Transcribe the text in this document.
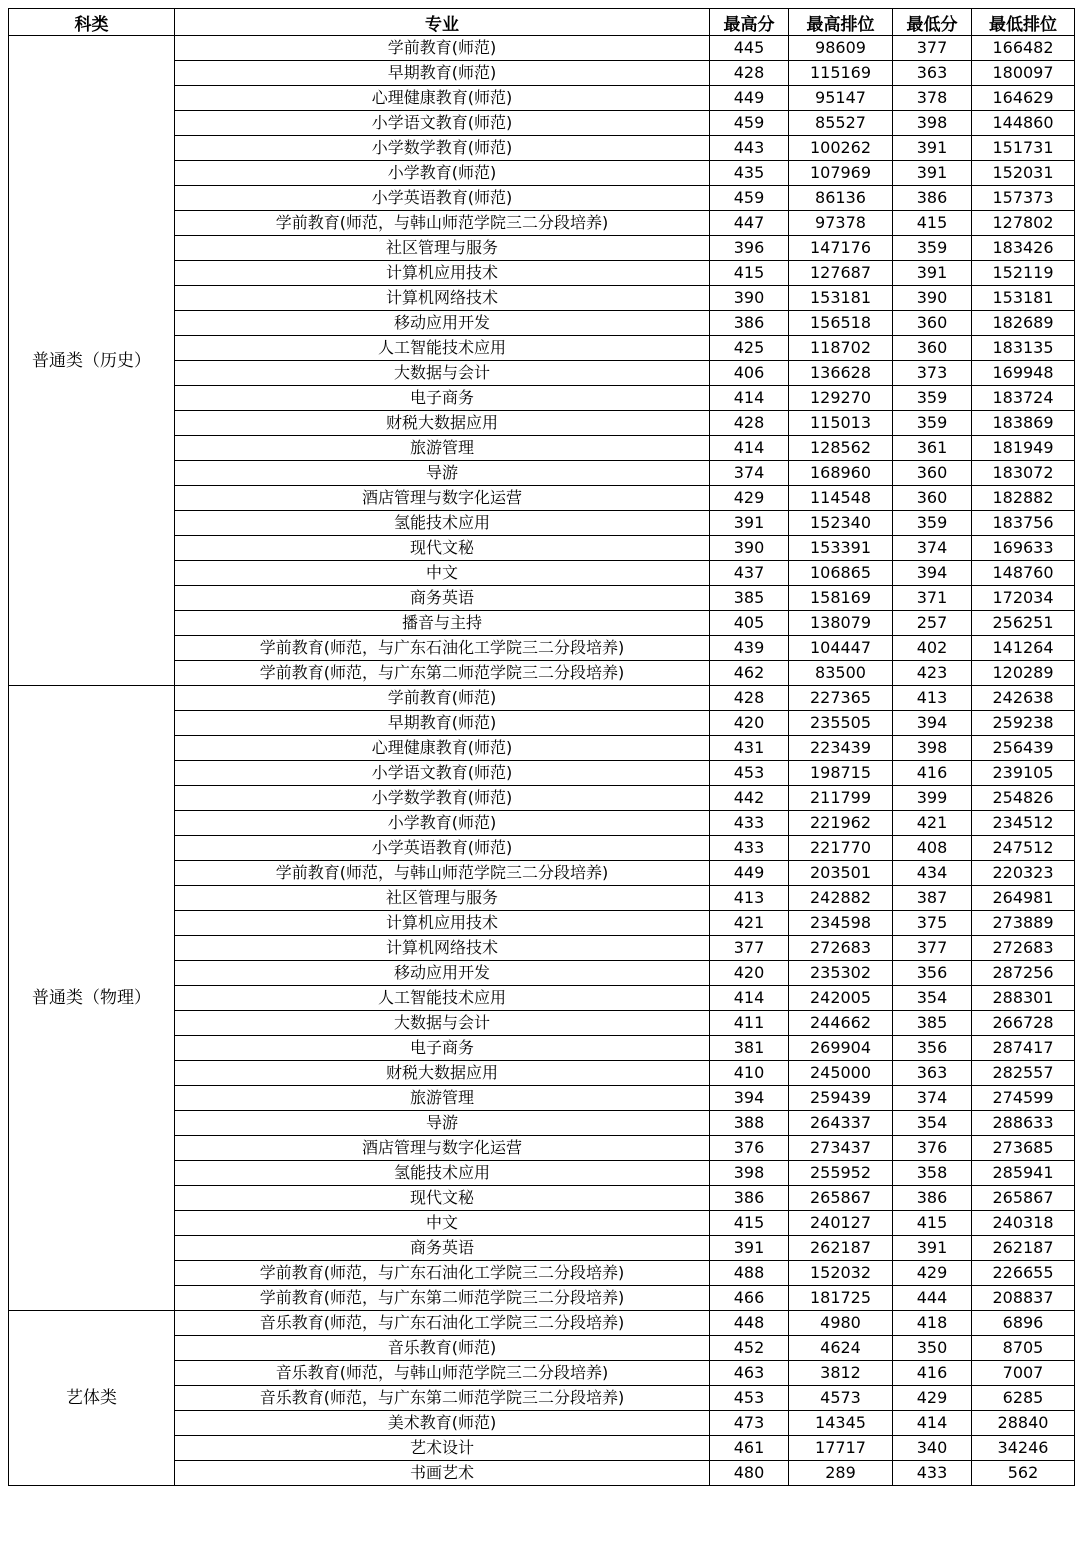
科类	专业	最高分	最高排位	最低分	最低排位
普通类（历史）	学前教育(师范)	445	98609	377	166482
	早期教育(师范)	428	115169	363	180097
	心理健康教育(师范)	449	95147	378	164629
	小学语文教育(师范)	459	85527	398	144860
	小学数学教育(师范)	443	100262	391	151731
	小学教育(师范)	435	107969	391	152031
	小学英语教育(师范)	459	86136	386	157373
	学前教育(师范，与韩山师范学院三二分段培养)	447	97378	415	127802
	社区管理与服务	396	147176	359	183426
	计算机应用技术	415	127687	391	152119
	计算机网络技术	390	153181	390	153181
	移动应用开发	386	156518	360	182689
	人工智能技术应用	425	118702	360	183135
	大数据与会计	406	136628	373	169948
	电子商务	414	129270	359	183724
	财税大数据应用	428	115013	359	183869
	旅游管理	414	128562	361	181949
	导游	374	168960	360	183072
	酒店管理与数字化运营	429	114548	360	182882
	氢能技术应用	391	152340	359	183756
	现代文秘	390	153391	374	169633
	中文	437	106865	394	148760
	商务英语	385	158169	371	172034
	播音与主持	405	138079	257	256251
	学前教育(师范，与广东石油化工学院三二分段培养)	439	104447	402	141264
	学前教育(师范，与广东第二师范学院三二分段培养)	462	83500	423	120289
普通类（物理）	学前教育(师范)	428	227365	413	242638
	早期教育(师范)	420	235505	394	259238
	心理健康教育(师范)	431	223439	398	256439
	小学语文教育(师范)	453	198715	416	239105
	小学数学教育(师范)	442	211799	399	254826
	小学教育(师范)	433	221962	421	234512
	小学英语教育(师范)	433	221770	408	247512
	学前教育(师范，与韩山师范学院三二分段培养)	449	203501	434	220323
	社区管理与服务	413	242882	387	264981
	计算机应用技术	421	234598	375	273889
	计算机网络技术	377	272683	377	272683
	移动应用开发	420	235302	356	287256
	人工智能技术应用	414	242005	354	288301
	大数据与会计	411	244662	385	266728
	电子商务	381	269904	356	287417
	财税大数据应用	410	245000	363	282557
	旅游管理	394	259439	374	274599
	导游	388	264337	354	288633
	酒店管理与数字化运营	376	273437	376	273685
	氢能技术应用	398	255952	358	285941
	现代文秘	386	265867	386	265867
	中文	415	240127	415	240318
	商务英语	391	262187	391	262187
	学前教育(师范，与广东石油化工学院三二分段培养)	488	152032	429	226655
	学前教育(师范，与广东第二师范学院三二分段培养)	466	181725	444	208837
艺体类	音乐教育(师范，与广东石油化工学院三二分段培养)	448	4980	418	6896
	音乐教育(师范)	452	4624	350	8705
	音乐教育(师范，与韩山师范学院三二分段培养)	463	3812	416	7007
	音乐教育(师范，与广东第二师范学院三二分段培养)	453	4573	429	6285
	美术教育(师范)	473	14345	414	28840
	艺术设计	461	17717	340	34246
	书画艺术	480	289	433	562
